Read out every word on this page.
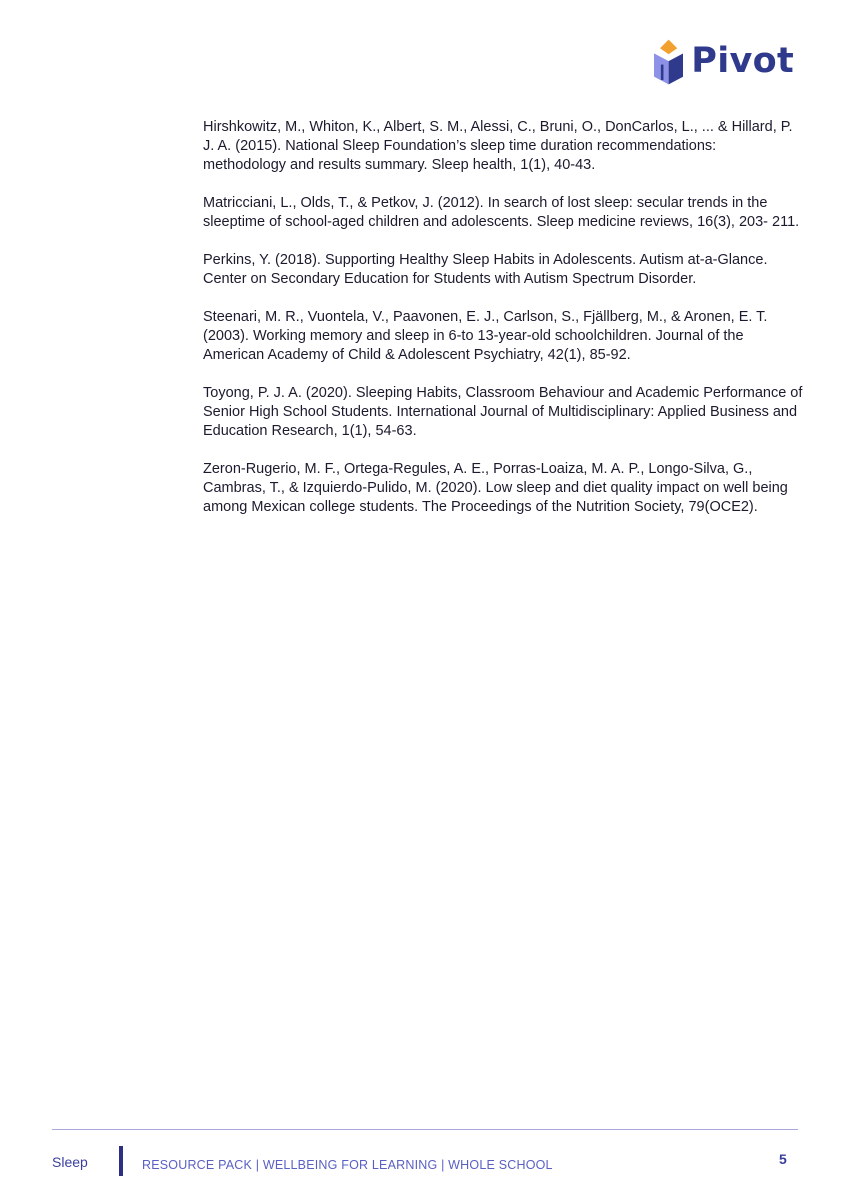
Pivot

Hirshkowitz, M., Whiton, K., Albert, S. M., Alessi, C., Bruni, O., DonCarlos, L., ... & Hillard, P. J. A. (2015). National Sleep Foundation’s sleep time duration recommendations: methodology and results summary. Sleep health, 1(1), 40-43.

Matricciani, L., Olds, T., & Petkov, J. (2012). In search of lost sleep: secular trends in the sleeptime of school-aged children and adolescents. Sleep medicine reviews, 16(3), 203- 211.

Perkins, Y. (2018). Supporting Healthy Sleep Habits in Adolescents. Autism at-a-Glance. Center on Secondary Education for Students with Autism Spectrum Disorder.

Steenari, M. R., Vuontela, V., Paavonen, E. J., Carlson, S., Fjällberg, M., & Aronen, E. T. (2003). Working memory and sleep in 6-to 13-year-old schoolchildren. Journal of the American Academy of Child & Adolescent Psychiatry, 42(1), 85-92.

Toyong, P. J. A. (2020). Sleeping Habits, Classroom Behaviour and Academic Performance of Senior High School Students. International Journal of Multidisciplinary: Applied Business and Education Research, 1(1), 54-63.

Zeron-Rugerio, M. F., Ortega-Regules, A. E., Porras-Loaiza, M. A. P., Longo-Silva, G., Cambras, T., & Izquierdo-Pulido, M. (2020). Low sleep and diet quality impact on well being among Mexican college students. The Proceedings of the Nutrition Society, 79(OCE2).

Sleep	RESOURCE PACK | WELLBEING FOR LEARNING | WHOLE SCHOOL	5
